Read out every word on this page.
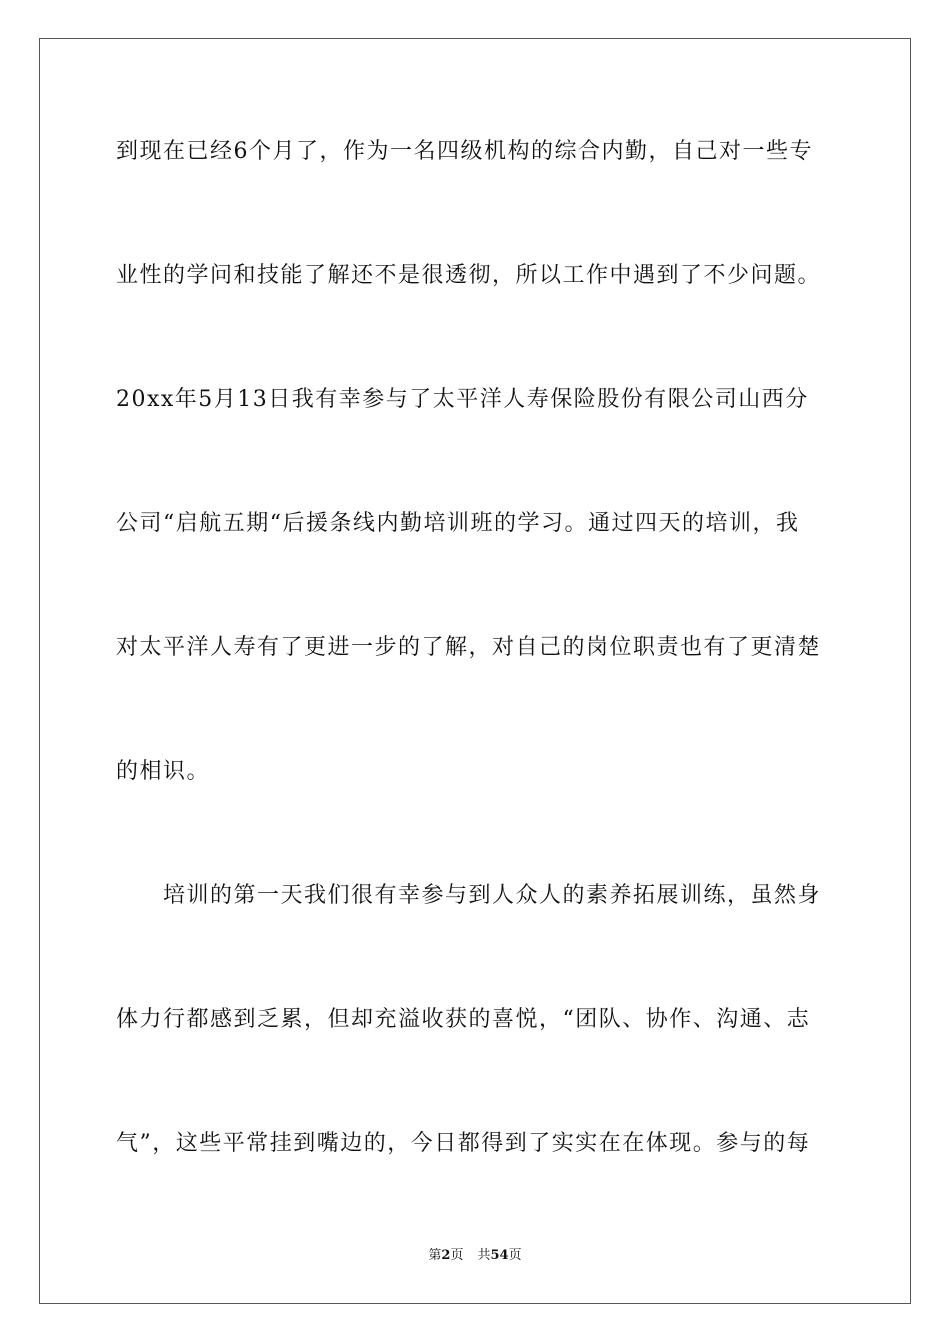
到现在已经6个月了，作为一名四级机构的综合内勤，自己对一些专
业性的学问和技能了解还不是很透彻，所以工作中遇到了不少问题。
20xx年5月13日我有幸参与了太平洋人寿保险股份有限公司山西分
公司“启航五期“后援条线内勤培训班的学习。通过四天的培训，我
对太平洋人寿有了更进一步的了解，对自己的岗位职责也有了更清楚
的相识。
　　培训的第一天我们很有幸参与到人众人的素养拓展训练，虽然身
体力行都感到乏累，但却充溢收获的喜悦，“团队、协作、沟通、志
气”，这些平常挂到嘴边的，今日都得到了实实在在体现。参与的每
第2页 共54页
